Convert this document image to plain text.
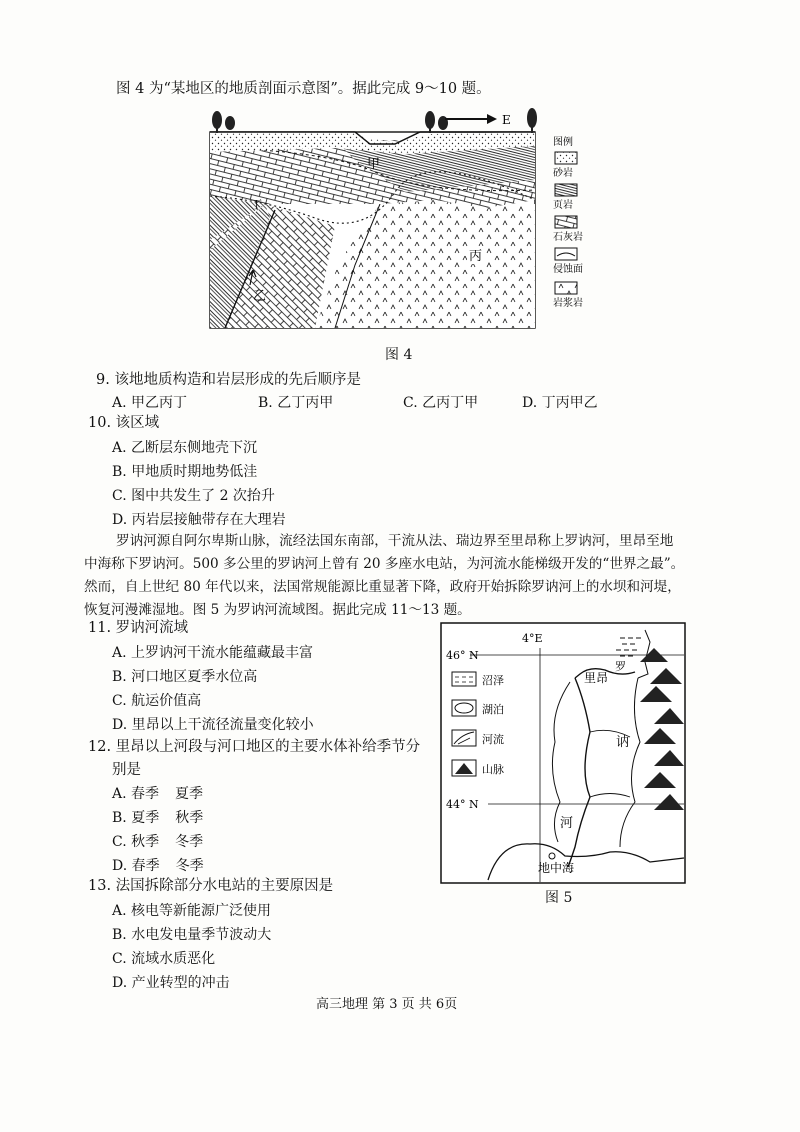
图 4 为“某地区的地质剖面示意图”。据此完成 9～10 题。
E
甲
乙
丙
丁
图例
砂岩
页岩
石灰岩
侵蚀面
岩浆岩
图 4
9. 该地地质构造和岩层形成的先后顺序是
A. 甲乙丙丁	B. 乙丁丙甲	C. 乙丙丁甲	D. 丁丙甲乙
10. 该区域
A. 乙断层东侧地壳下沉
B. 甲地质时期地势低洼
C. 图中共发生了 2 次抬升
D. 丙岩层接触带存在大理岩
罗讷河源自阿尔卑斯山脉，流经法国东南部，干流从法、瑞边界至里昂称上罗讷河，里昂至地
中海称下罗讷河。500 多公里的罗讷河上曾有 20 多座水电站，为河流水能梯级开发的“世界之最”。
然而，自上世纪 80 年代以来，法国常规能源比重显著下降，政府开始拆除罗讷河上的水坝和河堤，
恢复河漫滩湿地。图 5 为罗讷河流域图。据此完成 11～13 题。
11. 罗讷河流域
A. 上罗讷河干流水能蕴藏最丰富
B. 河口地区夏季水位高
C. 航运价值高
D. 里昂以上干流径流量变化较小
12. 里昂以上河段与河口地区的主要水体补给季节分
别是
A. 春季 夏季
B. 夏季 秋季
C. 秋季 冬季
D. 春季 冬季
13. 法国拆除部分水电站的主要原因是
A. 核电等新能源广泛使用
B. 水电发电量季节波动大
C. 流域水质恶化
D. 产业转型的冲击
4°E
46° N
44° N
罗
里昂
讷
河
地中海
沼泽
湖泊
河流
山脉
图 5
高三地理 第 3 页 共 6页
